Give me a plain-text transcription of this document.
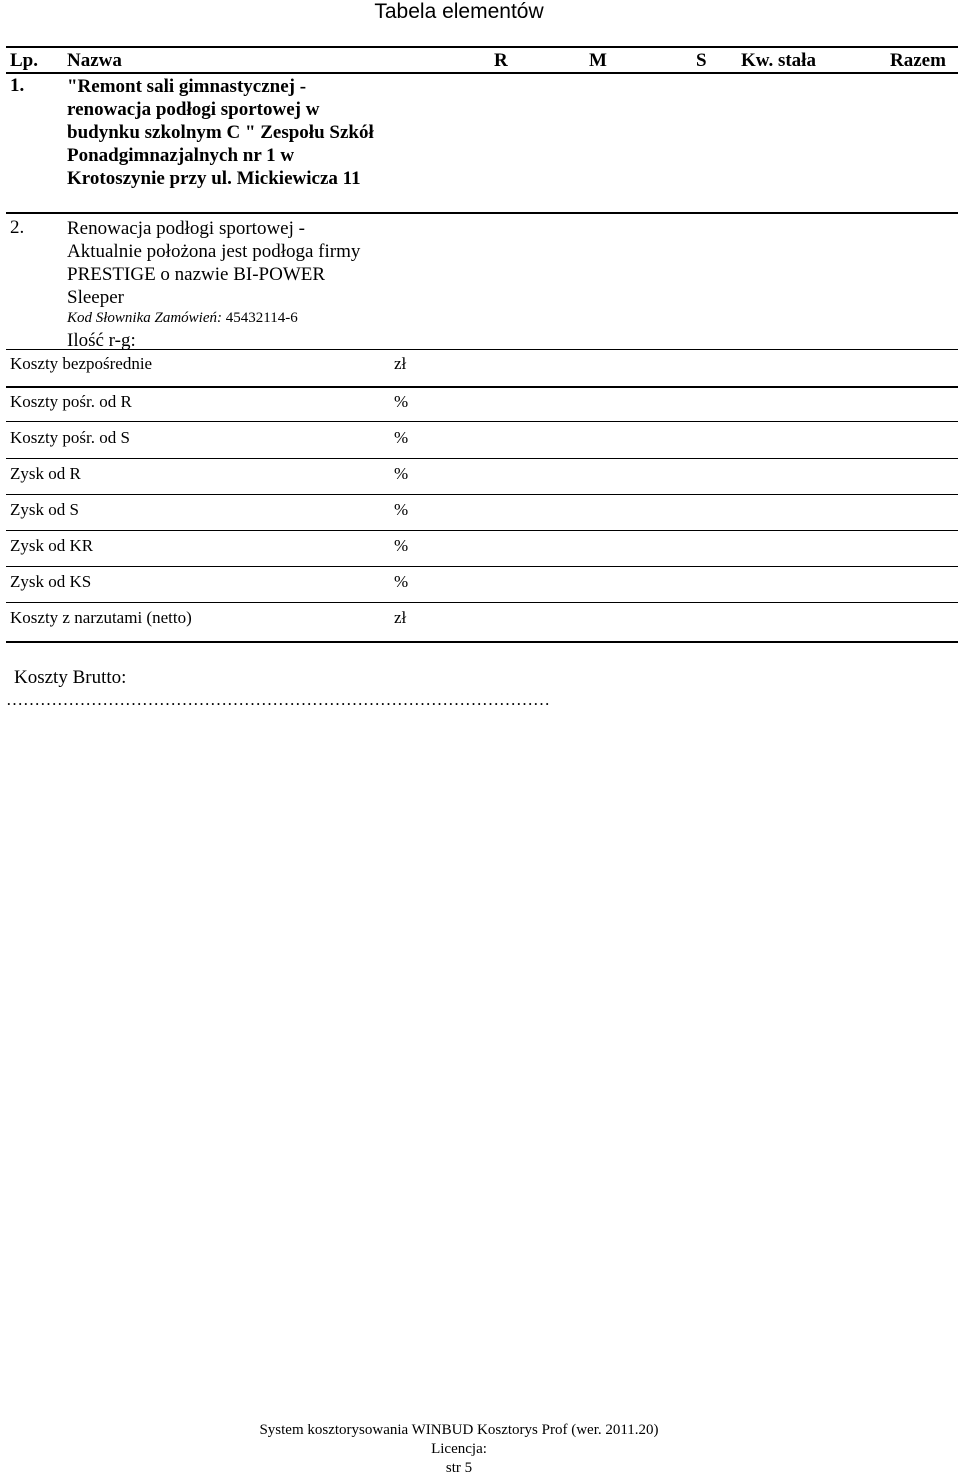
Tabela elementów
Lp. Nazwa	R	M	S Kw. stała	Razem
1. "Remont sali gimnastycznej -
renowacja podłogi sportowej w
budynku szkolnym C " Zespołu Szkół
Ponadgimnazjalnych nr 1 w
Krotoszynie przy ul. Mickiewicza 11
2. Renowacja podłogi sportowej -
Aktualnie położona jest podłoga firmy
PRESTIGE o nazwie BI-POWER
Sleeper
Kod Słownika Zamówień: 45432114-6
Ilość r-g:
Koszty bezpośrednie	zł
Koszty pośr. od R	%
Koszty pośr. od S	%
Zysk od R	%
Zysk od S	%
Zysk od KR	%
Zysk od KS	%
Koszty z narzutami (netto)	zł
Koszty Brutto:
……………………………………………………………………………………
System kosztorysowania WINBUD Kosztorys Prof (wer. 2011.20)
Licencja:
str 5
